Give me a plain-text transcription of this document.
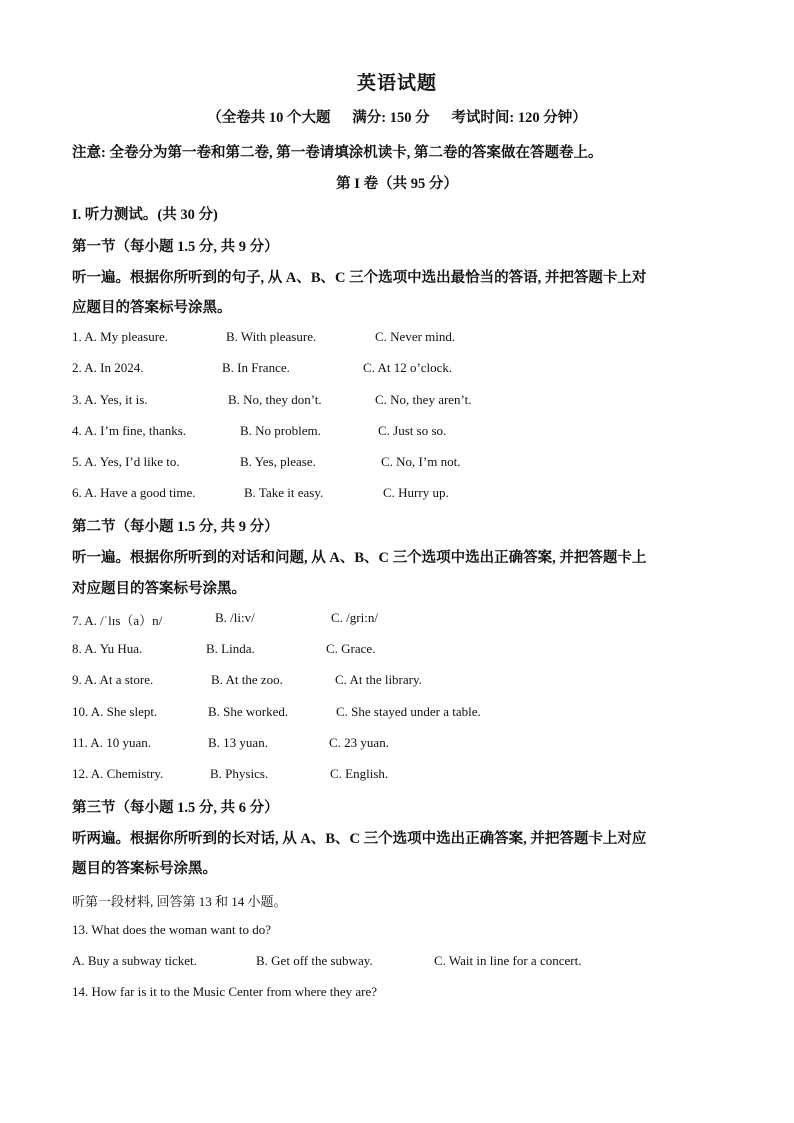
英语试题
（全卷共 10 个大题 　 满分: 150 分 　 考试时间: 120 分钟）
注意: 全卷分为第一卷和第二卷, 第一卷请填涂机读卡, 第二卷的答案做在答题卷上。
第 I 卷（共 95 分）
I. 听力测试。(共 30 分)
第一节（每小题 1.5 分, 共 9 分）
听一遍。根据你所听到的句子, 从 A、B、C 三个选项中选出最恰当的答语, 并把答题卡上对
应题目的答案标号涂黑。
1. A. My pleasure.	B. With pleasure.	C. Never mind.
2. A. In 2024.	B. In France.	C. At 12 o’clock.
3. A. Yes, it is.	B. No, they don’t.	C. No, they aren’t.
4. A. I’m fine, thanks.	B. No problem.	C. Just so so.
5. A. Yes, I’d like to.	B. Yes, please.	C. No, I’m not.
6. A. Have a good time.	B. Take it easy.	C. Hurry up.
第二节（每小题 1.5 分, 共 9 分）
听一遍。根据你所听到的对话和问题, 从 A、B、C 三个选项中选出正确答案, 并把答题卡上
对应题目的答案标号涂黑。
7. A. /ˈlɪs（a）n/	B. /li:v/	C. /gri:n/
8. A. Yu Hua.	B. Linda.	C. Grace.
9. A. At a store.	B. At the zoo.	C. At the library.
10. A. She slept.	B. She worked.	C. She stayed under a table.
11. A. 10 yuan.	B. 13 yuan.	C. 23 yuan.
12. A. Chemistry.	B. Physics.	C. English.
第三节（每小题 1.5 分, 共 6 分）
听两遍。根据你所听到的长对话, 从 A、B、C 三个选项中选出正确答案, 并把答题卡上对应
题目的答案标号涂黑。
听第一段材料, 回答第 13 和 14 小题。
13. What does the woman want to do?
A. Buy a subway ticket.	B. Get off the subway.	C. Wait in line for a concert.
14. How far is it to the Music Center from where they are?
